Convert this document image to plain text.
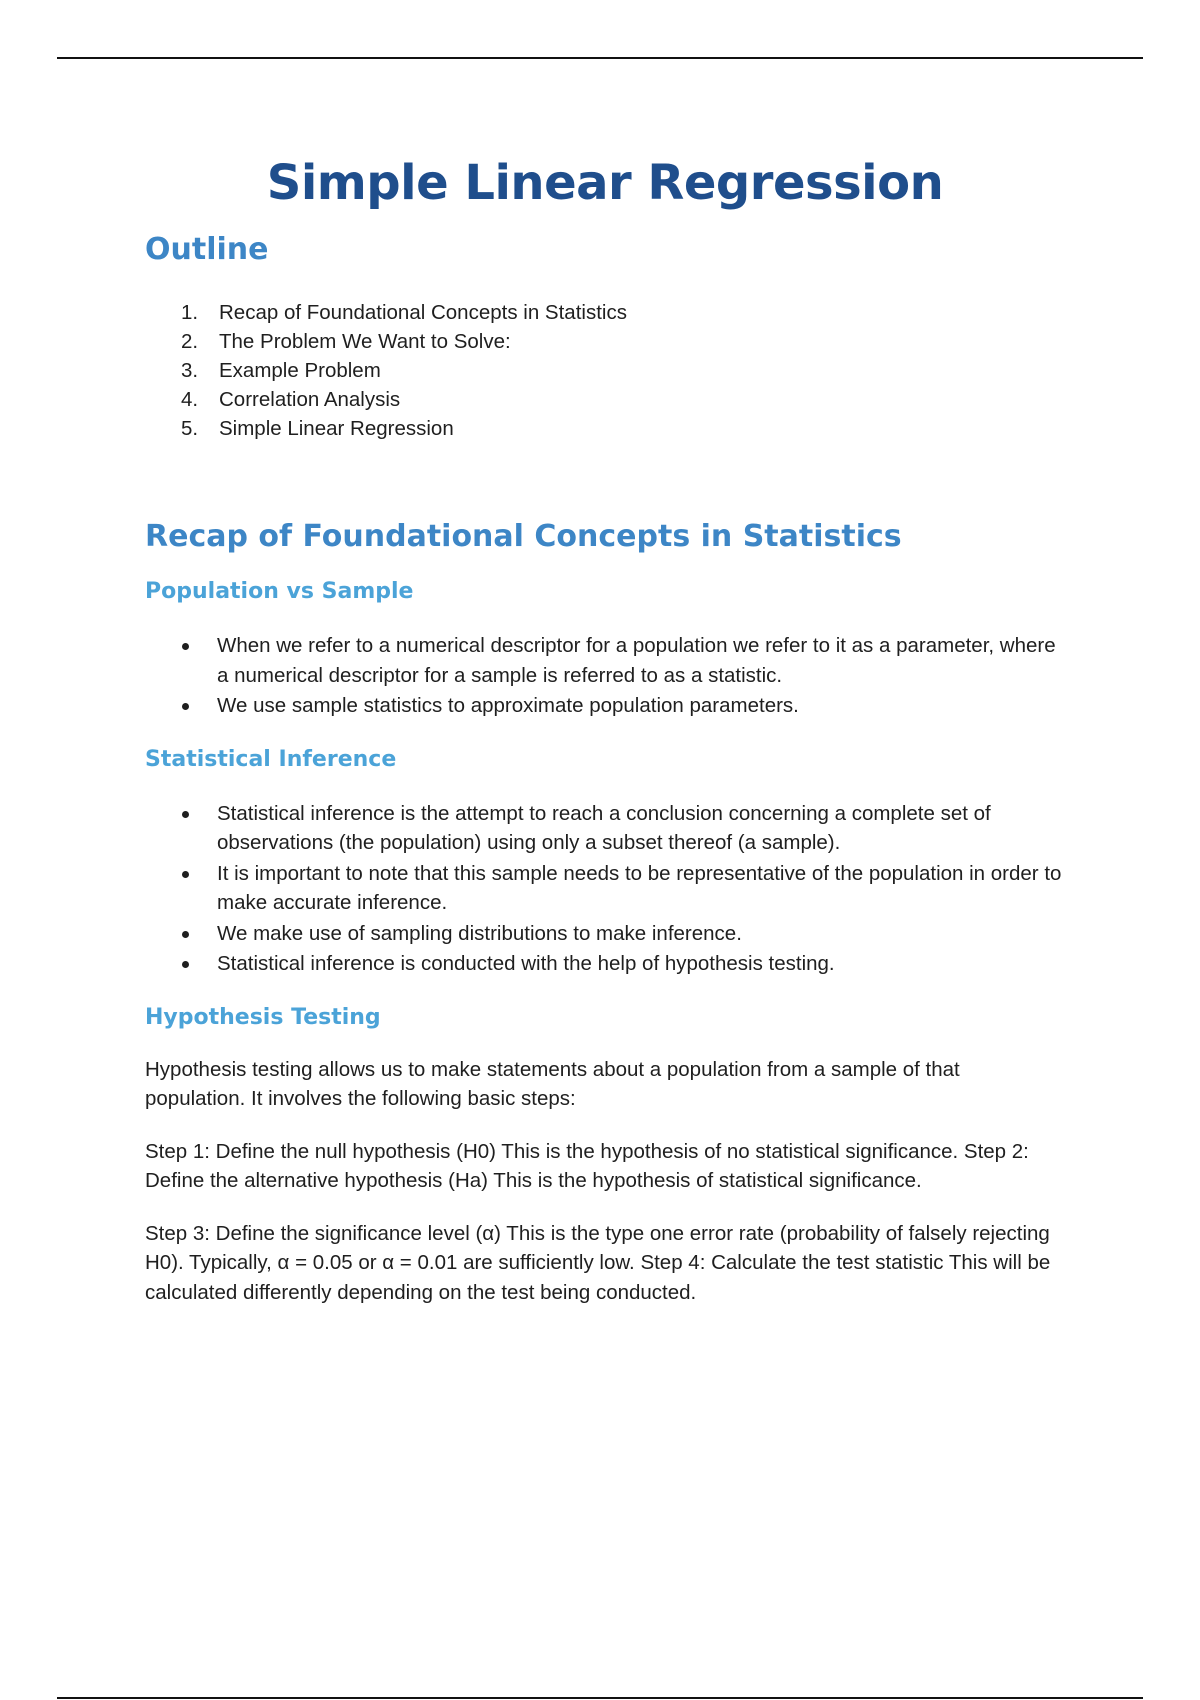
Simple Linear Regression
Outline
1.	Recap of Foundational Concepts in Statistics
2.	The Problem We Want to Solve:
3.	Example Problem
4.	Correlation Analysis
5.	Simple Linear Regression
Recap of Foundational Concepts in Statistics
Population vs Sample
When we refer to a numerical descriptor for a population we refer to it as a parameter, where a numerical descriptor for a sample is referred to as a statistic.
We use sample statistics to approximate population parameters.
Statistical Inference
Statistical inference is the attempt to reach a conclusion concerning a complete set of observations (the population) using only a subset thereof (a sample).
It is important to note that this sample needs to be representative of the population in order to make accurate inference.
We make use of sampling distributions to make inference.
Statistical inference is conducted with the help of hypothesis testing.
Hypothesis Testing

Hypothesis testing allows us to make statements about a population from a sample of that population. It involves the following basic steps:

Step 1: Define the null hypothesis (H0) This is the hypothesis of no statistical significance. Step 2: Define the alternative hypothesis (Ha) This is the hypothesis of statistical significance.

Step 3: Define the significance level (α) This is the type one error rate (probability of falsely rejecting H0). Typically, α = 0.05 or α = 0.01 are sufficiently low. Step 4: Calculate the test statistic This will be calculated differently depending on the test being conducted.
